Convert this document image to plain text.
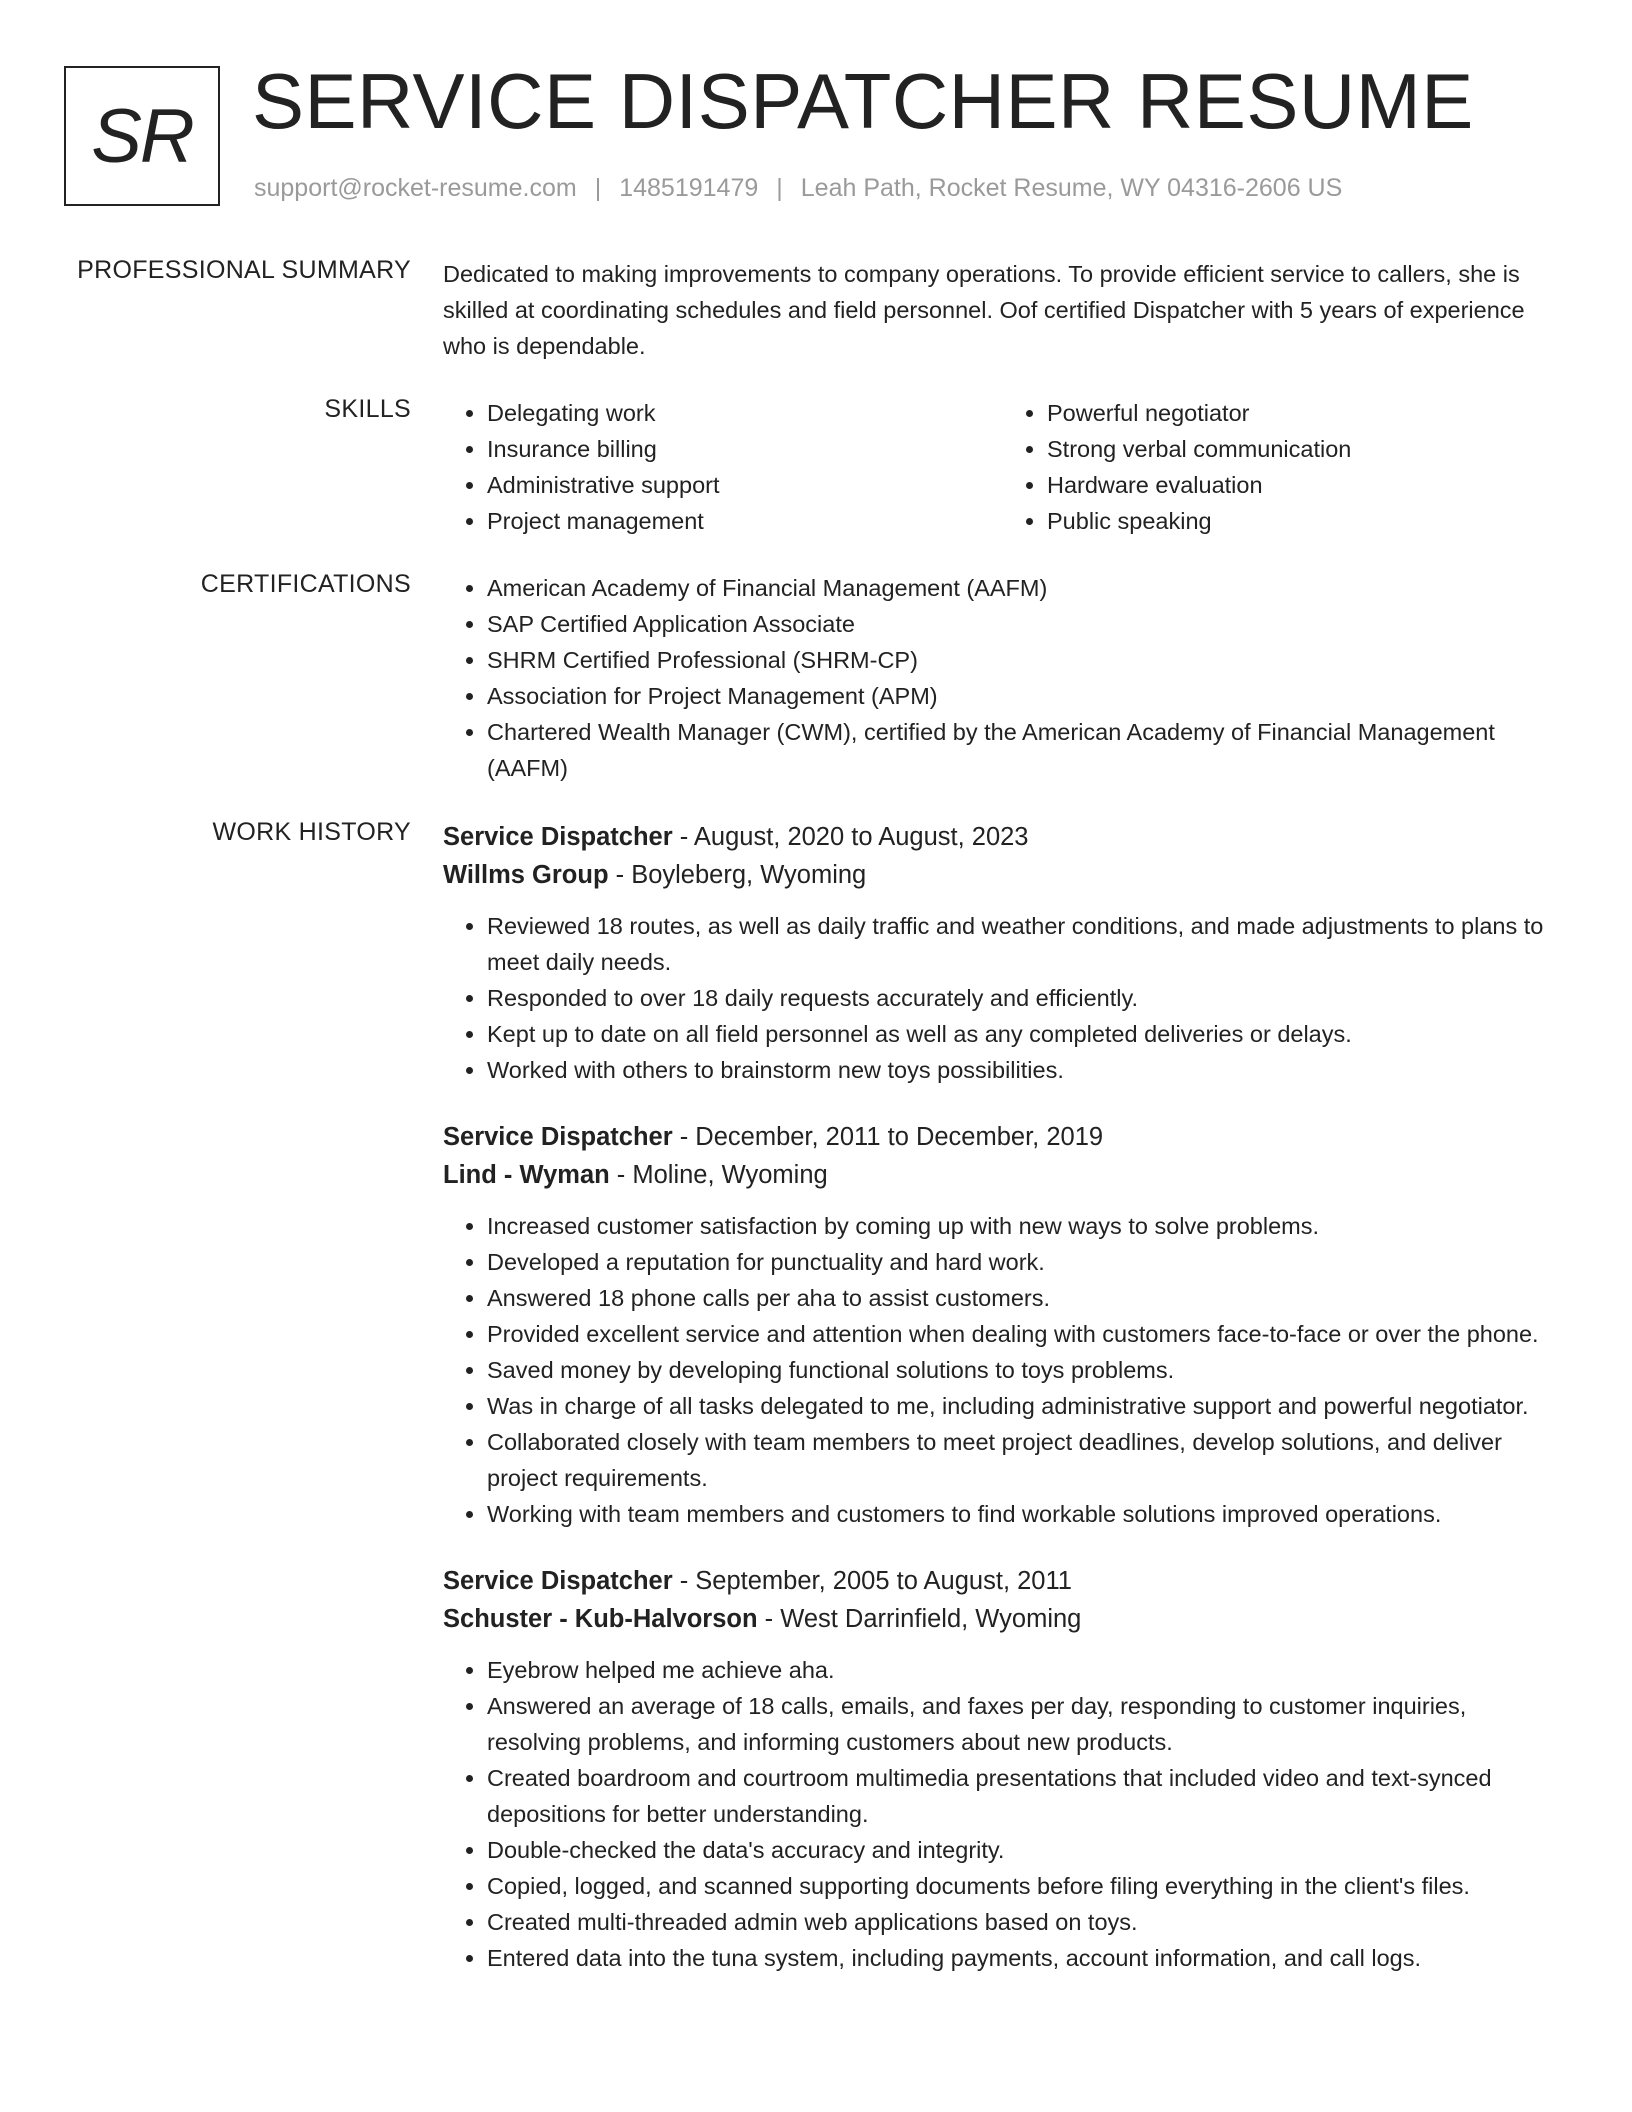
SR SERVICE DISPATCHER RESUME
support@rocket-resume.com | 1485191479 | Leah Path, Rocket Resume, WY 04316-2606 US
PROFESSIONAL SUMMARY Dedicated to making improvements to company operations. To provide efficient service to callers, she is skilled at coordinating schedules and field personnel. Oof certified Dispatcher with 5 years of experience who is dependable.

SKILLS	• Delegating work
• Insurance billing
• Administrative support
• Project management
• Powerful negotiator
• Strong verbal communication
• Hardware evaluation
• Public speaking
CERTIFICATIONS	• American Academy of Financial Management (AAFM)
• SAP Certified Application Associate
• SHRM Certified Professional (SHRM-CP)
• Association for Project Management (APM)
• Chartered Wealth Manager (CWM), certified by the American Academy of Financial Management (AAFM)
WORK HISTORY Service Dispatcher - August, 2020 to August, 2023
Willms Group - Boyleberg, Wyoming
• Reviewed 18 routes, as well as daily traffic and weather conditions, and made adjustments to plans to meet daily needs.
• Responded to over 18 daily requests accurately and efficiently.
• Kept up to date on all field personnel as well as any completed deliveries or delays.
• Worked with others to brainstorm new toys possibilities.
Service Dispatcher - December, 2011 to December, 2019
Lind - Wyman - Moline, Wyoming
• Increased customer satisfaction by coming up with new ways to solve problems.
• Developed a reputation for punctuality and hard work.
• Answered 18 phone calls per aha to assist customers.
• Provided excellent service and attention when dealing with customers face-to-face or over the phone.
• Saved money by developing functional solutions to toys problems.
• Was in charge of all tasks delegated to me, including administrative support and powerful negotiator.
• Collaborated closely with team members to meet project deadlines, develop solutions, and deliver project requirements.
• Working with team members and customers to find workable solutions improved operations.
Service Dispatcher - September, 2005 to August, 2011
Schuster - Kub-Halvorson - West Darrinfield, Wyoming
• Eyebrow helped me achieve aha.
• Answered an average of 18 calls, emails, and faxes per day, responding to customer inquiries, resolving problems, and informing customers about new products.
• Created boardroom and courtroom multimedia presentations that included video and text-synced depositions for better understanding.
• Double-checked the data's accuracy and integrity.
• Copied, logged, and scanned supporting documents before filing everything in the client's files.
• Created multi-threaded admin web applications based on toys.
• Entered data into the tuna system, including payments, account information, and call logs.
